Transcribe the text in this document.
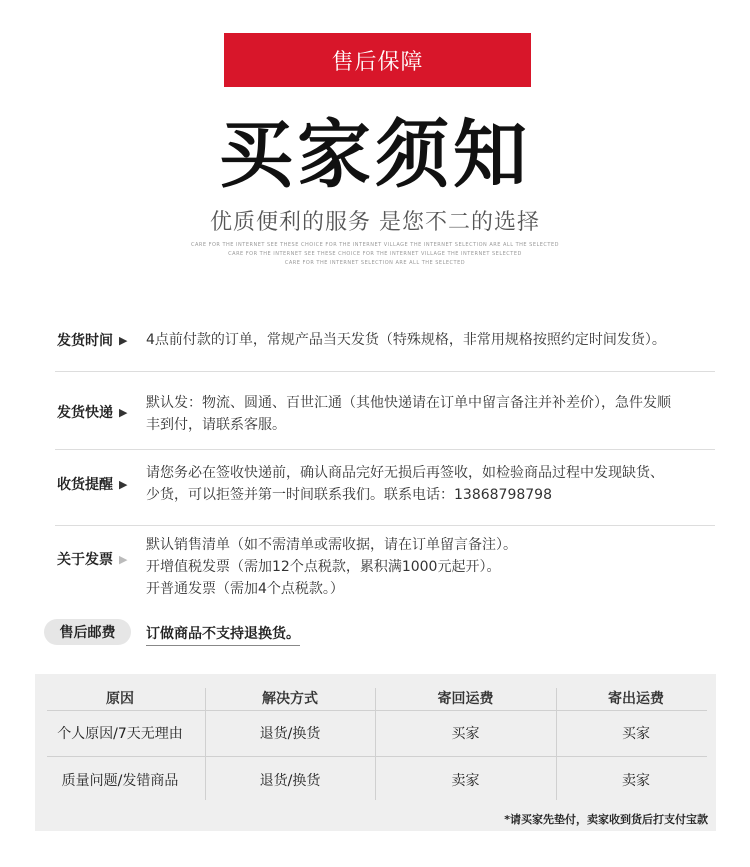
售后保障
买家须知
优质便利的服务 是您不二的选择
CARE FOR THE INTERNET SEE THESE CHOICE FOR THE INTERNET VILLAGE THE INTERNET SELECTION ARE ALL THE SELECTED
CARE FOR THE INTERNET SEE THESE CHOICE FOR THE INTERNET VILLAGE THE INTERNET SELECTED
CARE FOR THE INTERNET SELECTION ARE ALL THE SELECTED
发货时间 ▶ 4点前付款的订单，常规产品当天发货（特殊规格，非常用规格按照约定时间发货）。
发货快递 ▶
默认发：物流、圆通、百世汇通（其他快递请在订单中留言备注并补差价），急件发顺
丰到付，请联系客服。
收货提醒 ▶
请您务必在签收快递前，确认商品完好无损后再签收，如检验商品过程中发现缺货、
少货，可以拒签并第一时间联系我们。联系电话：13868798798
关于发票 ▶
默认销售清单（如不需清单或需收据，请在订单留言备注）。
开增值税发票（需加12个点税款，累积满1000元起开）。
开普通发票（需加4个点税款。）
售后邮费	订做商品不支持退换货。
原因	解决方式	寄回运费	寄出运费
个人原因/7天无理由	退货/换货	买家	买家
质量问题/发错商品	退货/换货	卖家	卖家
*请买家先垫付，卖家收到货后打支付宝款
